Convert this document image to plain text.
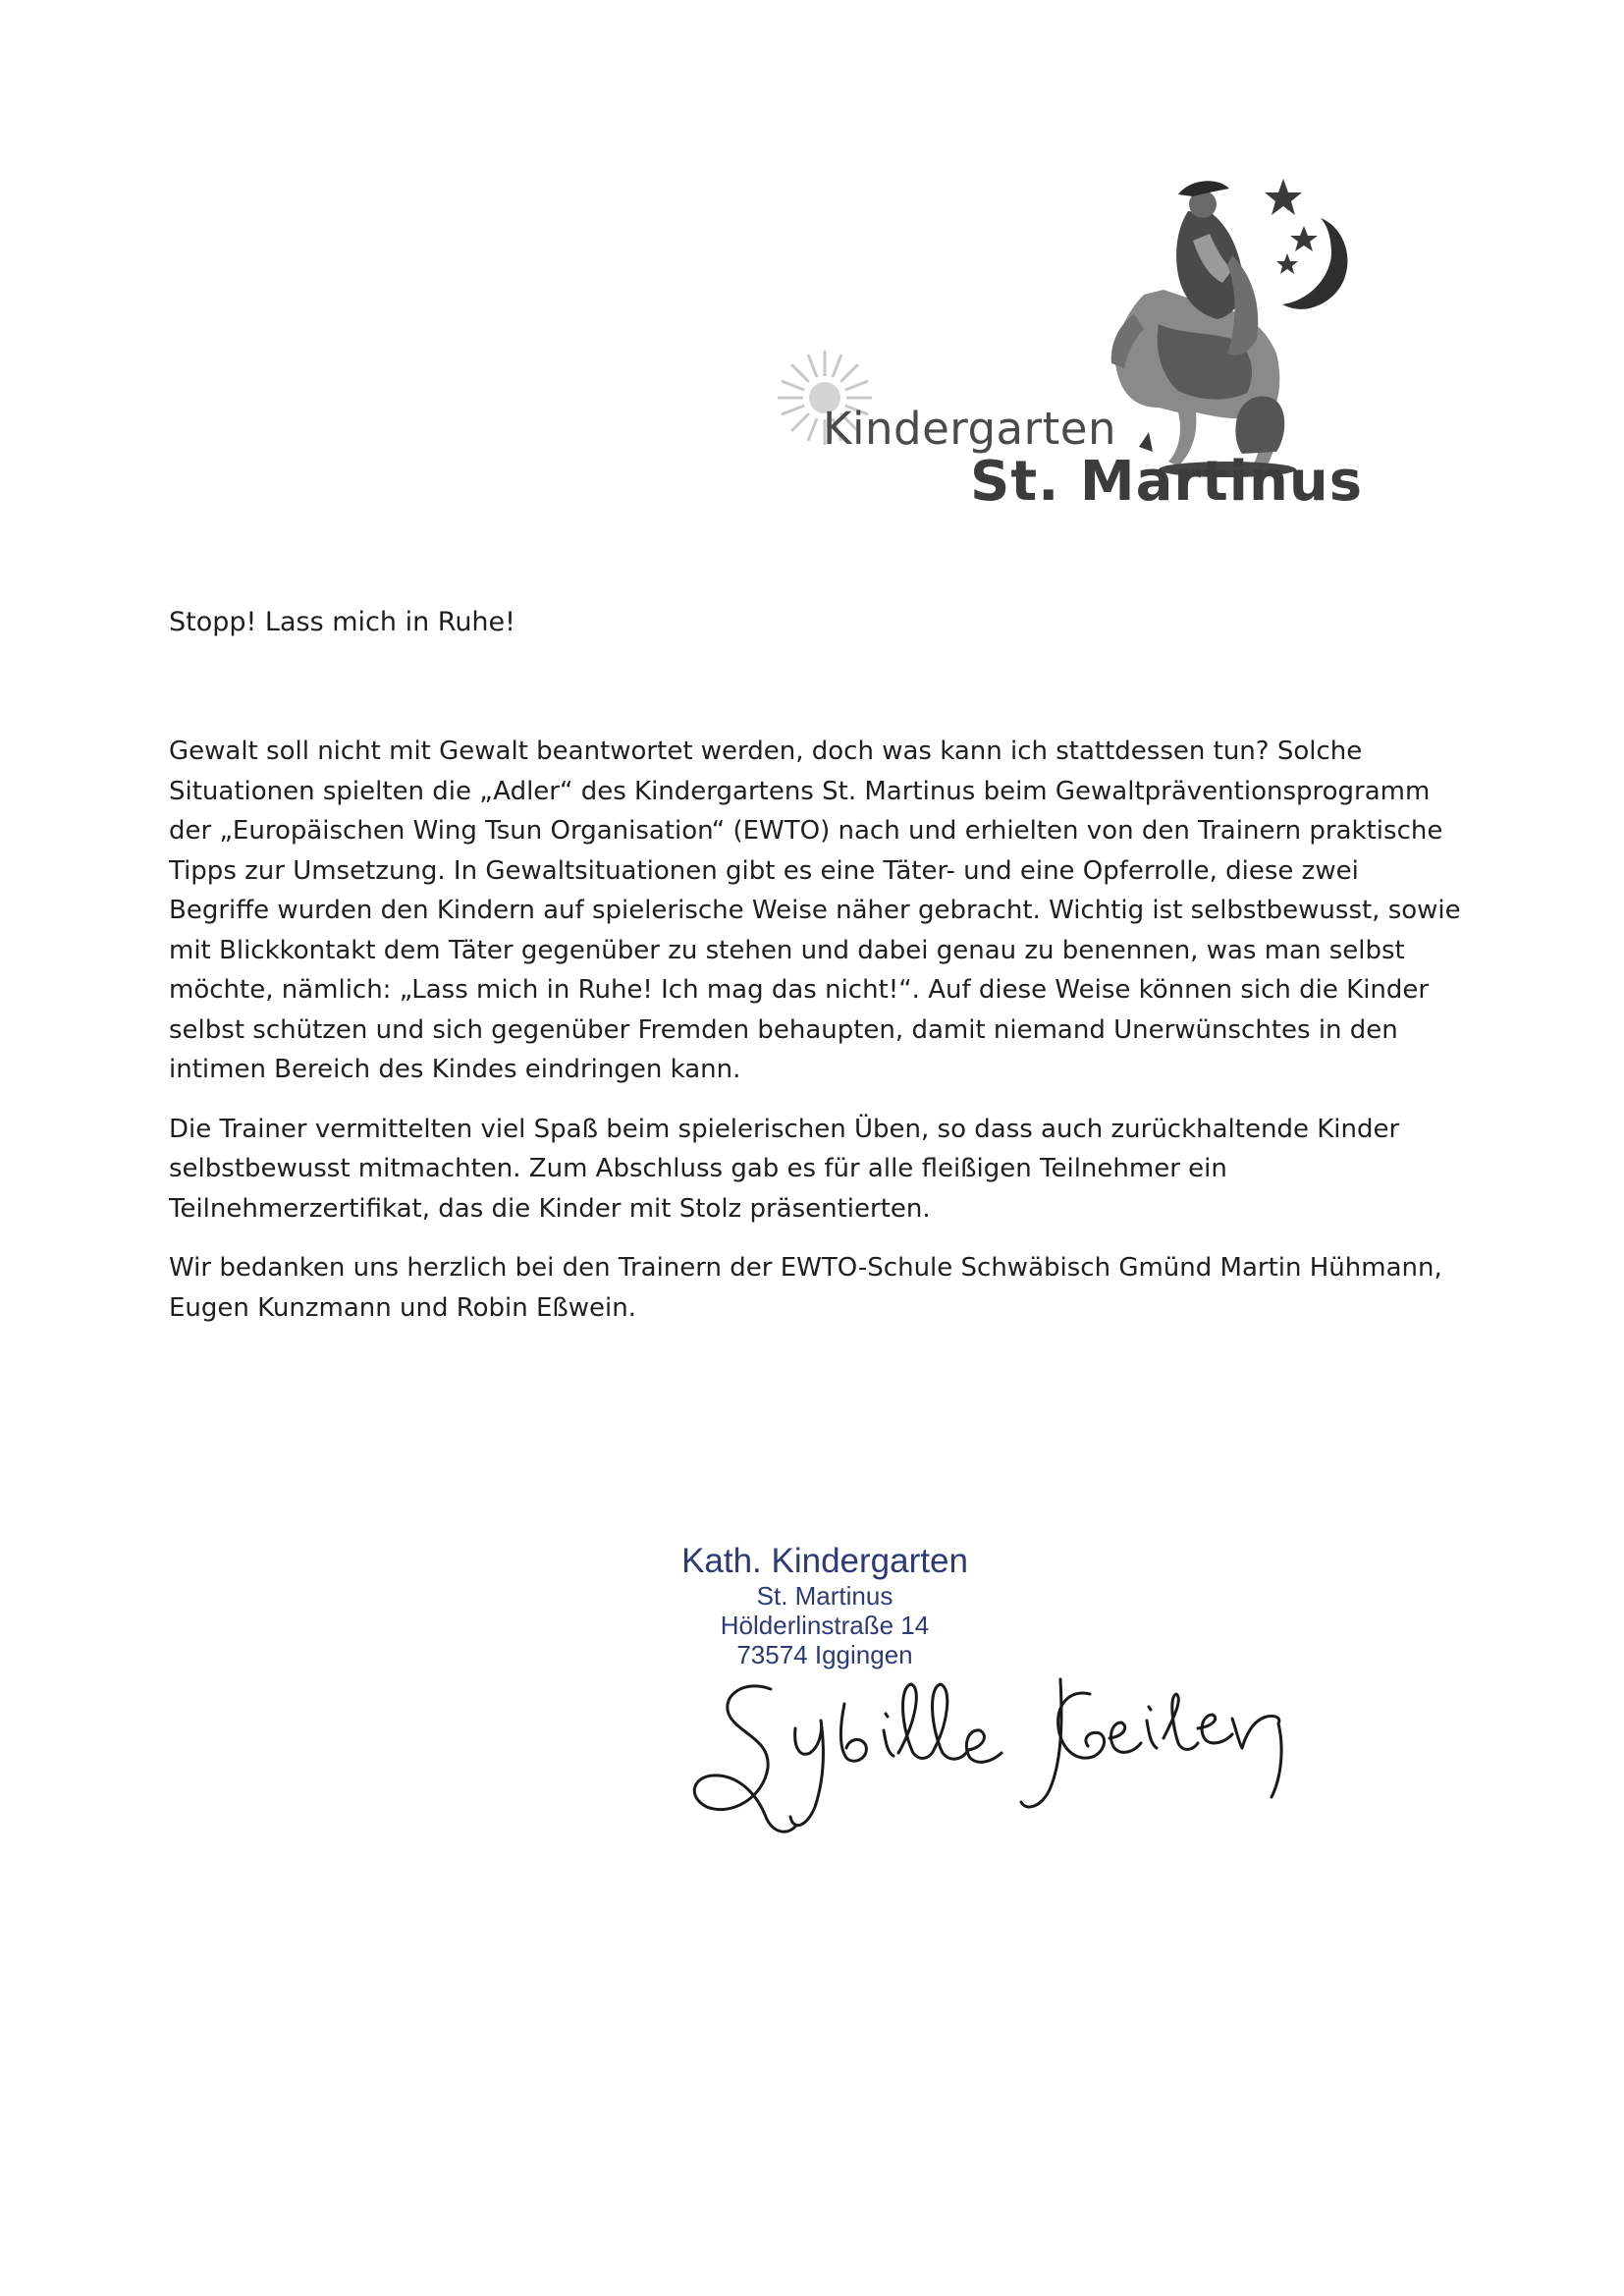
Kindergarten
St. Martinus
Stopp! Lass mich in Ruhe!

Gewalt soll nicht mit Gewalt beantwortet werden, doch was kann ich stattdessen tun? Solche
Situationen spielten die „Adler“ des Kindergartens St. Martinus beim Gewaltpräventionsprogramm
der „Europäischen Wing Tsun Organisation“ (EWTO) nach und erhielten von den Trainern praktische
Tipps zur Umsetzung. In Gewaltsituationen gibt es eine Täter- und eine Opferrolle, diese zwei
Begriffe wurden den Kindern auf spielerische Weise näher gebracht. Wichtig ist selbstbewusst, sowie
mit Blickkontakt dem Täter gegenüber zu stehen und dabei genau zu benennen, was man selbst
möchte, nämlich: „Lass mich in Ruhe! Ich mag das nicht!“. Auf diese Weise können sich die Kinder
selbst schützen und sich gegenüber Fremden behaupten, damit niemand Unerwünschtes in den
intimen Bereich des Kindes eindringen kann.

Die Trainer vermittelten viel Spaß beim spielerischen Üben, so dass auch zurückhaltende Kinder
selbstbewusst mitmachten. Zum Abschluss gab es für alle fleißigen Teilnehmer ein
Teilnehmerzertifikat, das die Kinder mit Stolz präsentierten.

Wir bedanken uns herzlich bei den Trainern der EWTO-Schule Schwäbisch Gmünd Martin Hühmann,
Eugen Kunzmann und Robin Eßwein.

Kath. Kindergarten
St. Martinus
Hölderlinstraße 14
73574 Iggingen
